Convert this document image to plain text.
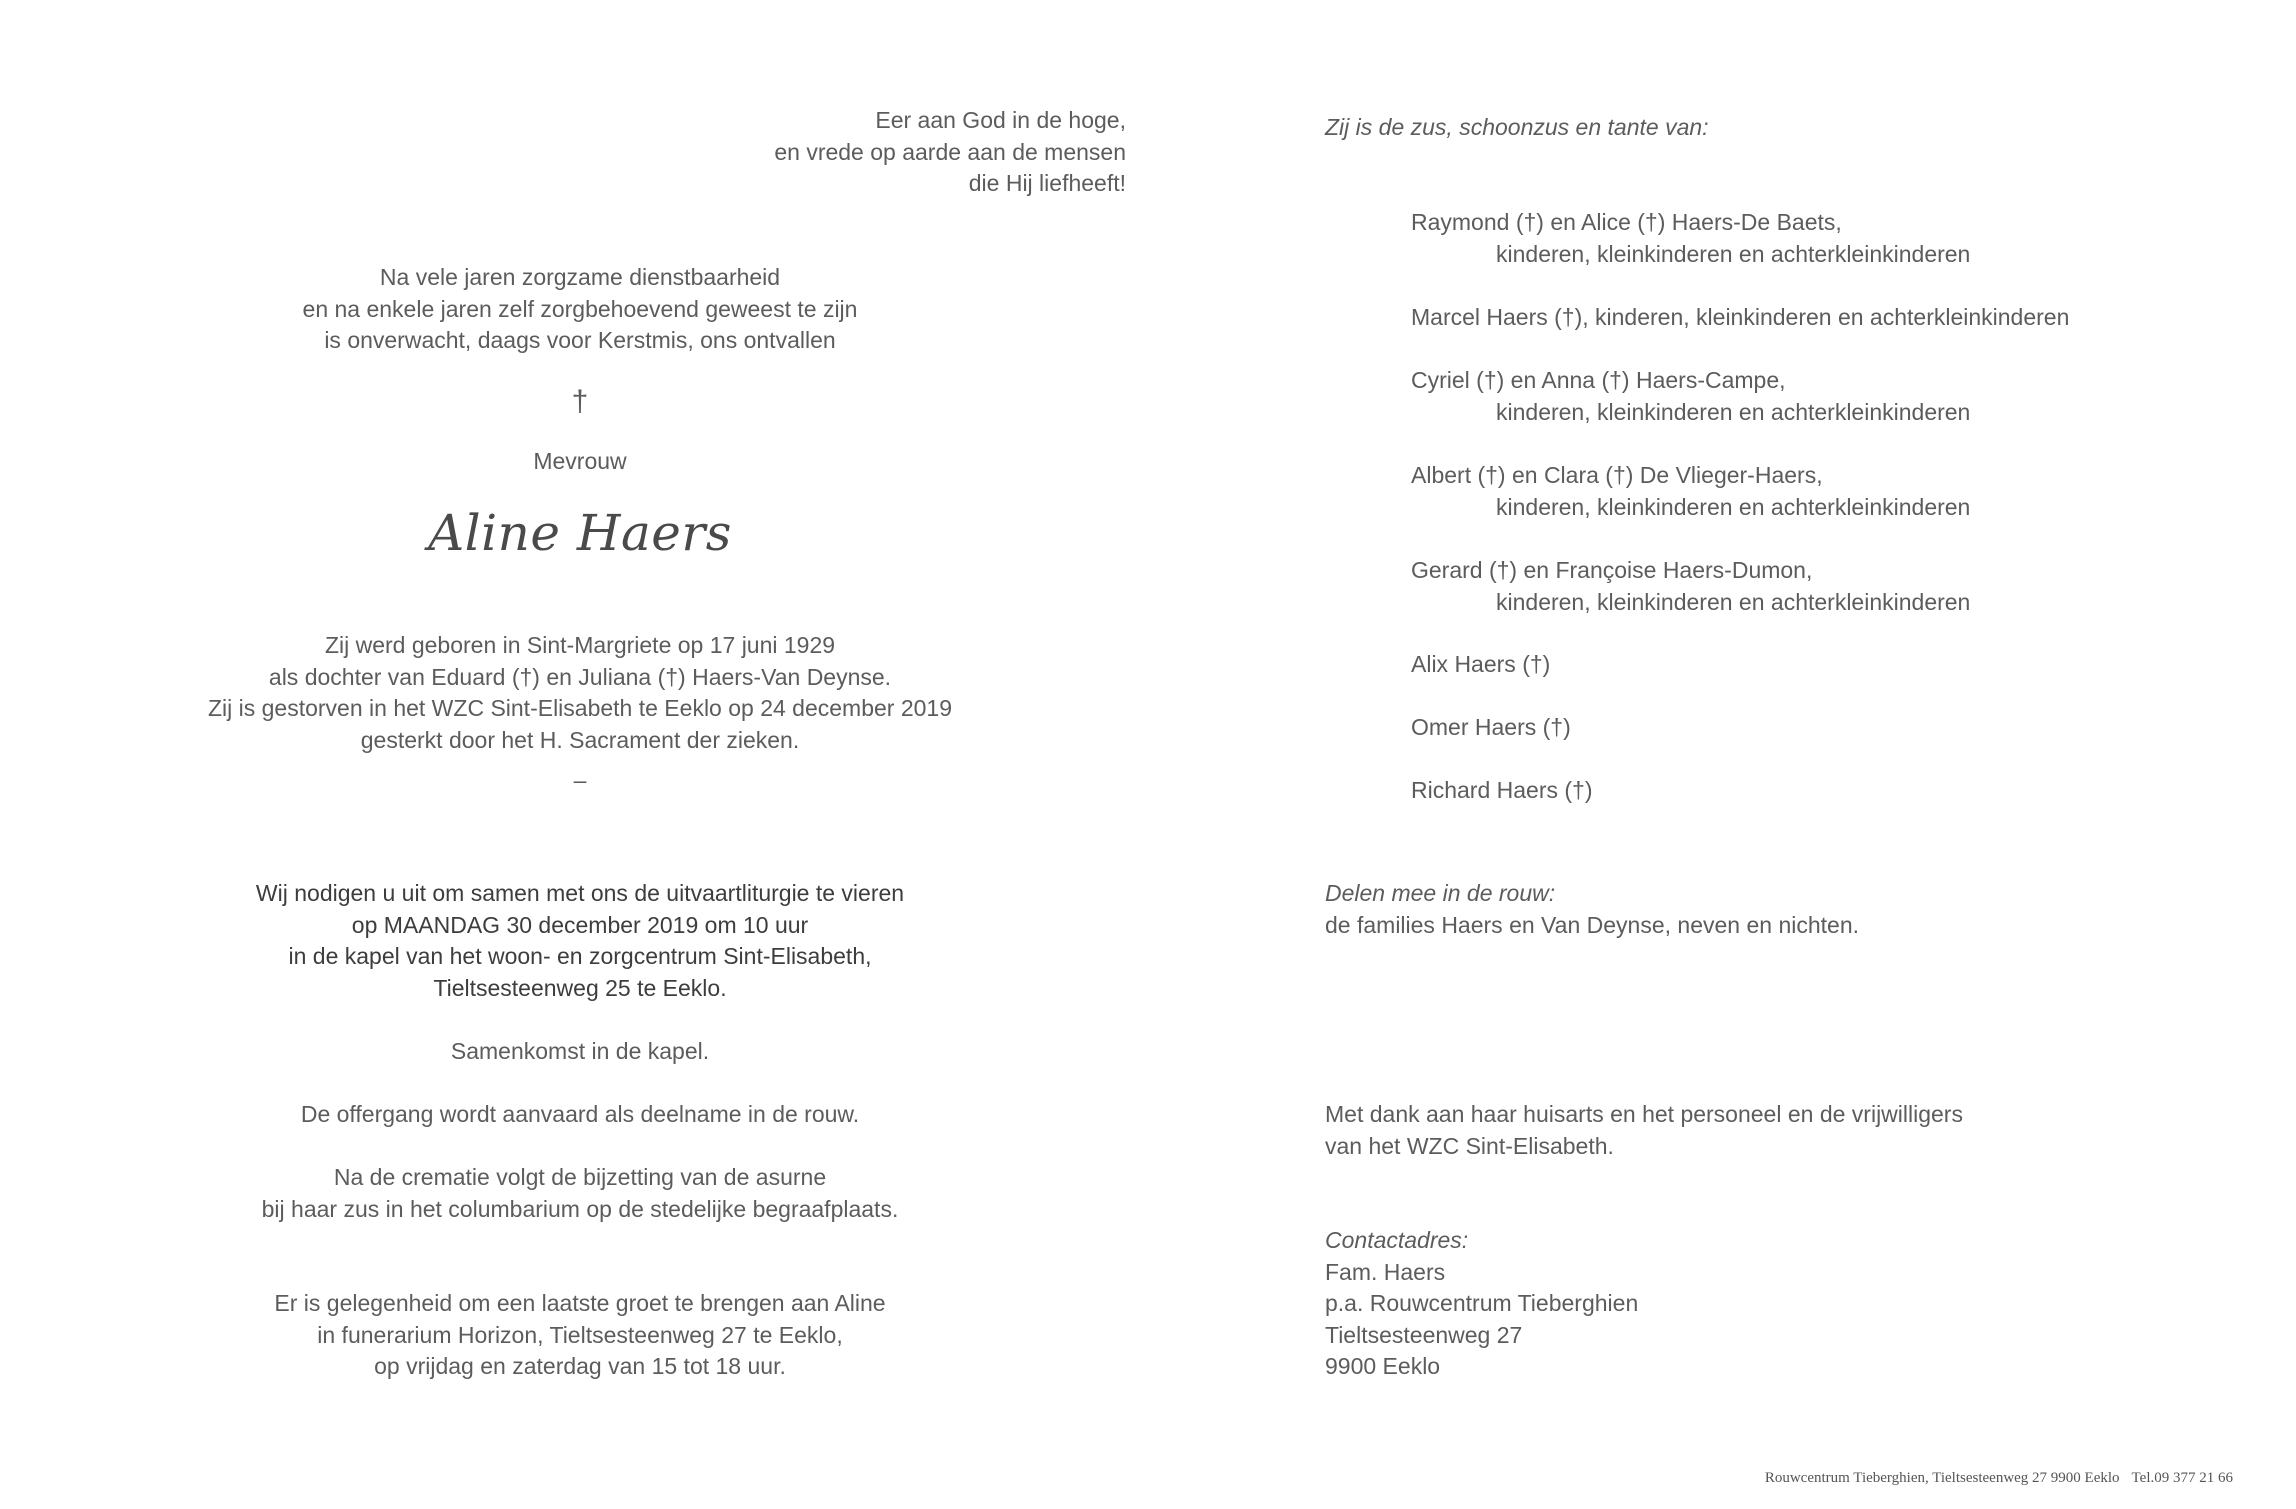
Eer aan God in de hoge,
en vrede op aarde aan de mensen
die Hij liefheeft!
Na vele jaren zorgzame dienstbaarheid
en na enkele jaren zelf zorgbehoevend geweest te zijn
is onverwacht, daags voor Kerstmis, ons ontvallen
†
Mevrouw
Aline Haers
Zij werd geboren in Sint-Margriete op 17 juni 1929
als dochter van Eduard (†) en Juliana (†) Haers-Van Deynse.
Zij is gestorven in het WZC Sint-Elisabeth te Eeklo op 24 december 2019
gesterkt door het H. Sacrament der zieken.
–
Wij nodigen u uit om samen met ons de uitvaartliturgie te vieren
op MAANDAG 30 december 2019 om 10 uur
in de kapel van het woon- en zorgcentrum Sint-Elisabeth,
Tieltsesteenweg 25 te Eeklo.
Samenkomst in de kapel.
De offergang wordt aanvaard als deelname in de rouw.
Na de crematie volgt de bijzetting van de asurne
bij haar zus in het columbarium op de stedelijke begraafplaats.
Er is gelegenheid om een laatste groet te brengen aan Aline
in funerarium Horizon, Tieltsesteenweg 27 te Eeklo,
op vrijdag en zaterdag van 15 tot 18 uur.
Zij is de zus, schoonzus en tante van:
Raymond (†) en Alice (†) Haers-De Baets,
kinderen, kleinkinderen en achterkleinkinderen
Marcel Haers (†), kinderen, kleinkinderen en achterkleinkinderen
Cyriel (†) en Anna (†) Haers-Campe,
kinderen, kleinkinderen en achterkleinkinderen
Albert (†) en Clara (†) De Vlieger-Haers,
kinderen, kleinkinderen en achterkleinkinderen
Gerard (†) en Françoise Haers-Dumon,
kinderen, kleinkinderen en achterkleinkinderen
Alix Haers (†)
Omer Haers (†)
Richard Haers (†)
Delen mee in de rouw:
de families Haers en Van Deynse, neven en nichten.
Met dank aan haar huisarts en het personeel en de vrijwilligers
van het WZC Sint-Elisabeth.
Contactadres:
Fam. Haers
p.a. Rouwcentrum Tieberghien
Tieltsesteenweg 27
9900 Eeklo
Rouwcentrum Tieberghien, Tieltsesteenweg 27 9900 Eeklo Tel.09 377 21 66
